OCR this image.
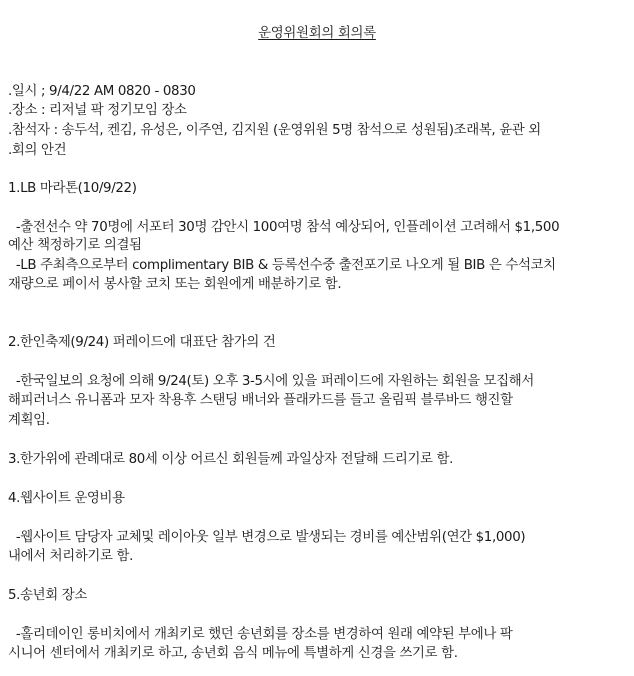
운영위원회의 회의록
.일시 ; 9/4/22 AM 0820 - 0830
.장소 : 리저널 팍 정기모임 장소
.참석자 : 송두석, 켄김, 유성은, 이주연, 김지원 (운영위원 5명 참석으로 성원됨)조래복, 윤관 외
.회의 안건
1.LB 마라톤(10/9/22)
-출전선수 약 70명에 서포터 30명 감안시 100여명 참석 예상되어, 인플레이션 고려해서 $1,500
예산 책정하기로 의결됨
-LB 주최측으로부터 complimentary BIB & 등록선수중 출전포기로 나오게 될 BIB 은 수석코치
재량으로 페이서 봉사할 코치 또는 회원에게 배분하기로 함.
2.한인축제(9/24) 퍼레이드에 대표단 참가의 건
-한국일보의 요청에 의해 9/24(토) 오후 3-5시에 있을 퍼레이드에 자원하는 회원을 모집해서
해피러너스 유니폼과 모자 착용후 스탠딩 배너와 플래카드를 들고 올림픽 블루바드 행진할
계획임.
3.한가위에 관례대로 80세 이상 어르신 회원들께 과일상자 전달해 드리기로 함.
4.웹사이트 운영비용
-웹사이트 담당자 교체및 레이아웃 일부 변경으로 발생되는 경비를 예산범위(연간 $1,000)
내에서 처리하기로 함.
5.송년회 장소
-홀리데이인 롱비치에서 개최키로 했던 송년회를 장소를 변경하여 원래 예약된 부에나 팍
시니어 센터에서 개최키로 하고, 송년회 음식 메뉴에 특별하게 신경을 쓰기로 함.
